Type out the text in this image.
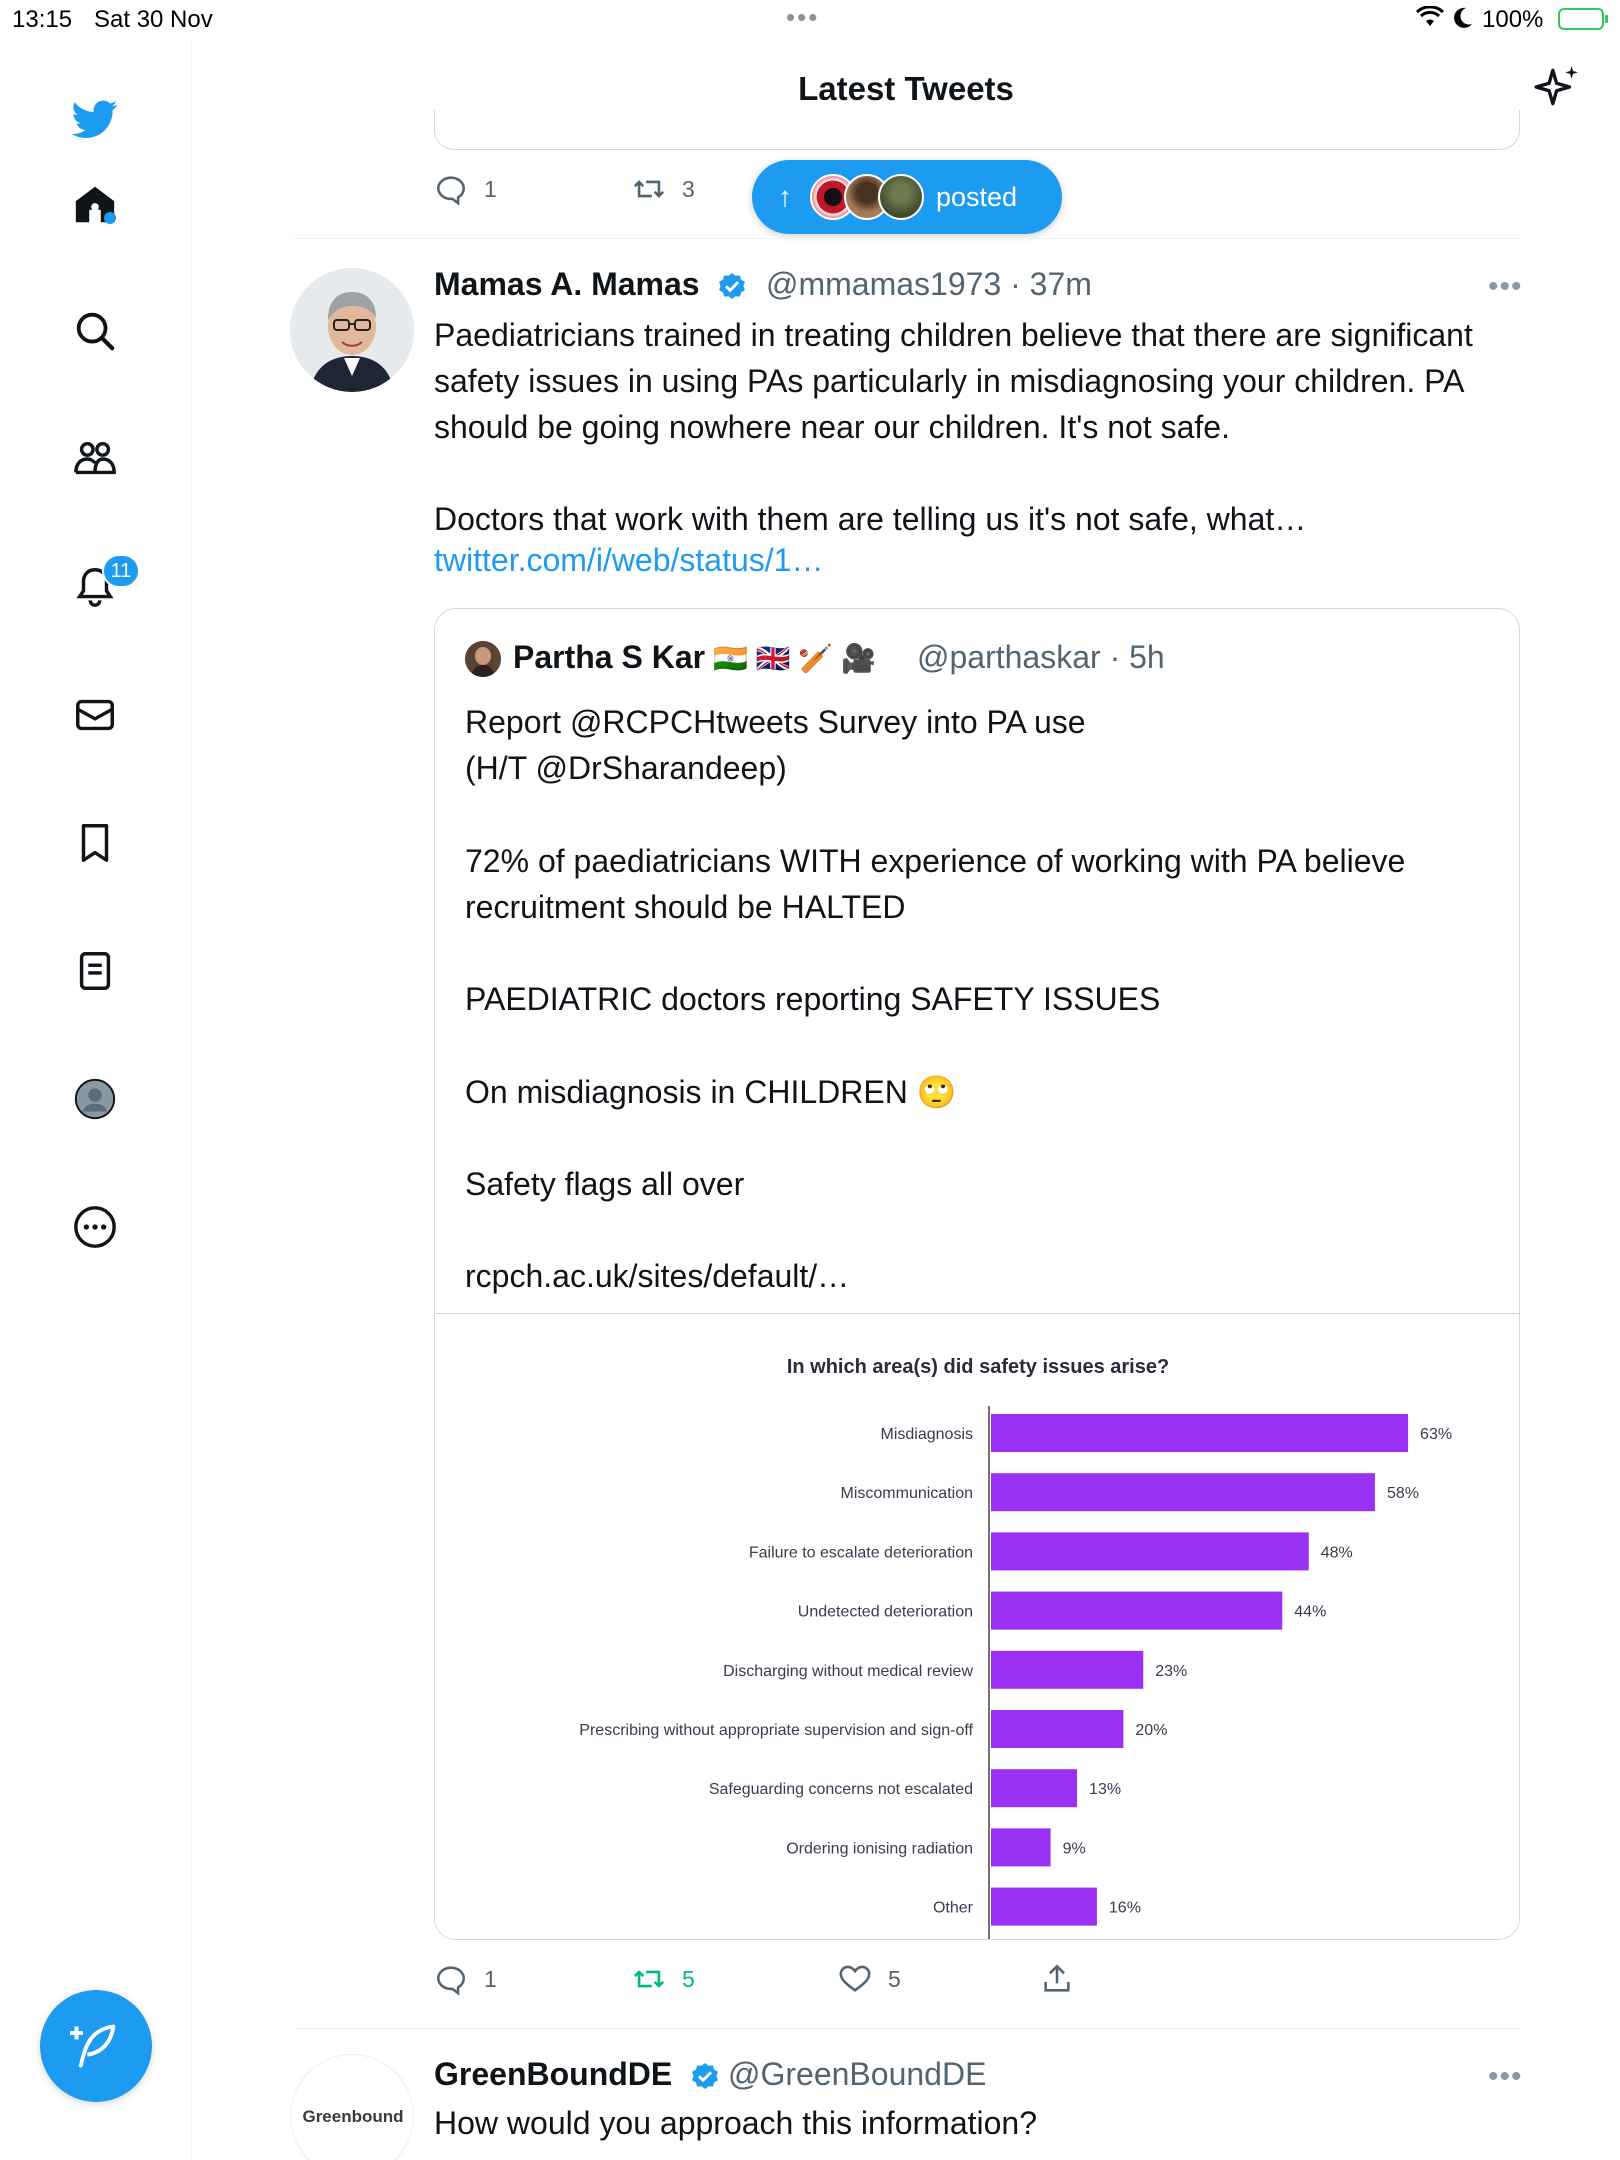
13:15 Sat 30 Nov	•••	100% ⚡
11
Latest Tweets
1	3	↑	posted
Mamas A. Mamas	@mmamas1973 · 37m	•••
Paediatricians trained in treating children believe that there are significant safety issues in using PAs particularly in misdiagnosing your children. PA should be going nowhere near our children. It's not safe.

Doctors that work with them are telling us it's not safe, what…
twitter.com/i/web/status/1…
Partha S Kar 🇮🇳 🇬🇧 🏏 🎥 @parthaskar · 5h
Report @RCPCHtweets Survey into PA use
(H/T @DrSharandeep)

72% of paediatricians WITH experience of working with PA believe recruitment should be HALTED

PAEDIATRIC doctors reporting SAFETY ISSUES

On misdiagnosis in CHILDREN 🙄

Safety flags all over

rcpch.ac.uk/sites/default/…
In which area(s) did safety issues arise?
Misdiagnosis	63%
Miscommunication	58%
Failure to escalate deterioration	48%
Undetected deterioration	44%
Discharging without medical review	23%
Prescribing without appropriate supervision and sign-off	20%
Safeguarding concerns not escalated	13%
Ordering ionising radiation	9%
Other	16%
1	5	5
Greenbound
GreenBoundDE	@GreenBoundDE	•••
How would you approach this information?
